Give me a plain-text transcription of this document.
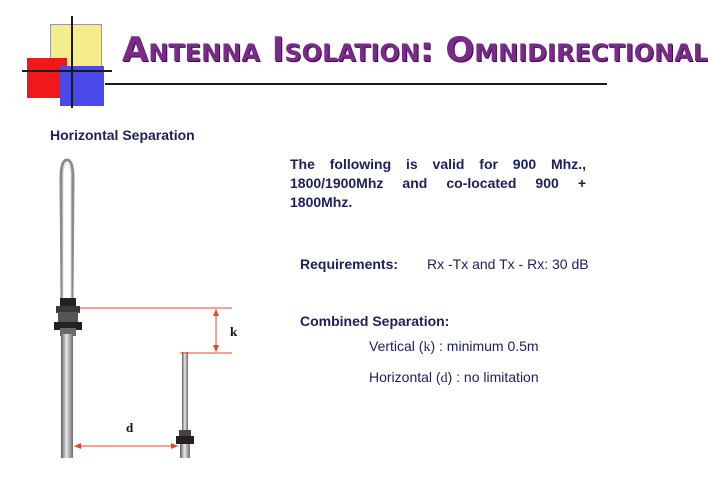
Antenna Isolation: Omnidirectional
Horizontal Separation

The following is valid for 900 Mhz., 1800/1900Mhz and co-located 900 + 1800Mhz.

Requirements: Rx -Tx and Tx - Rx: 30 dB
Combined Separation:
Vertical (k) : minimum 0.5m
Horizontal (d) : no limitation
k
d
